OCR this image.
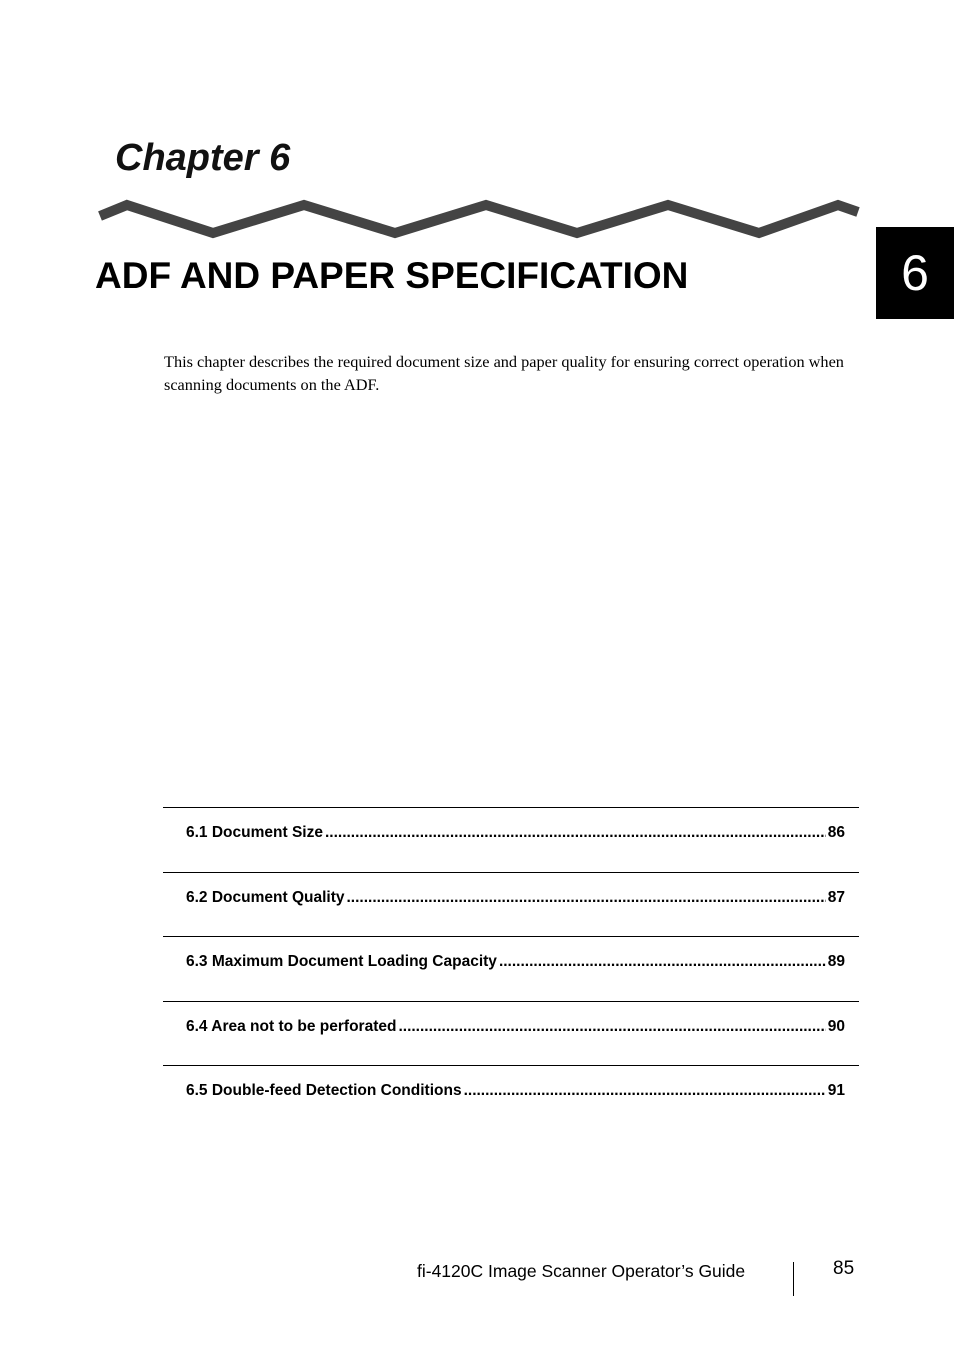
Chapter 6
ADF AND PAPER SPECIFICATION	6

This chapter describes the required document size and paper quality for ensuring correct operation when scanning documents on the ADF.

6.1 Document Size .....	86
6.2 Document Quality .....	87
6.3 Maximum Document Loading Capacity .....	89
6.4 Area not to be perforated .....	90
6.5 Double-feed Detection Conditions .....	91
fi-4120C Image Scanner Operator’s Guide	85
